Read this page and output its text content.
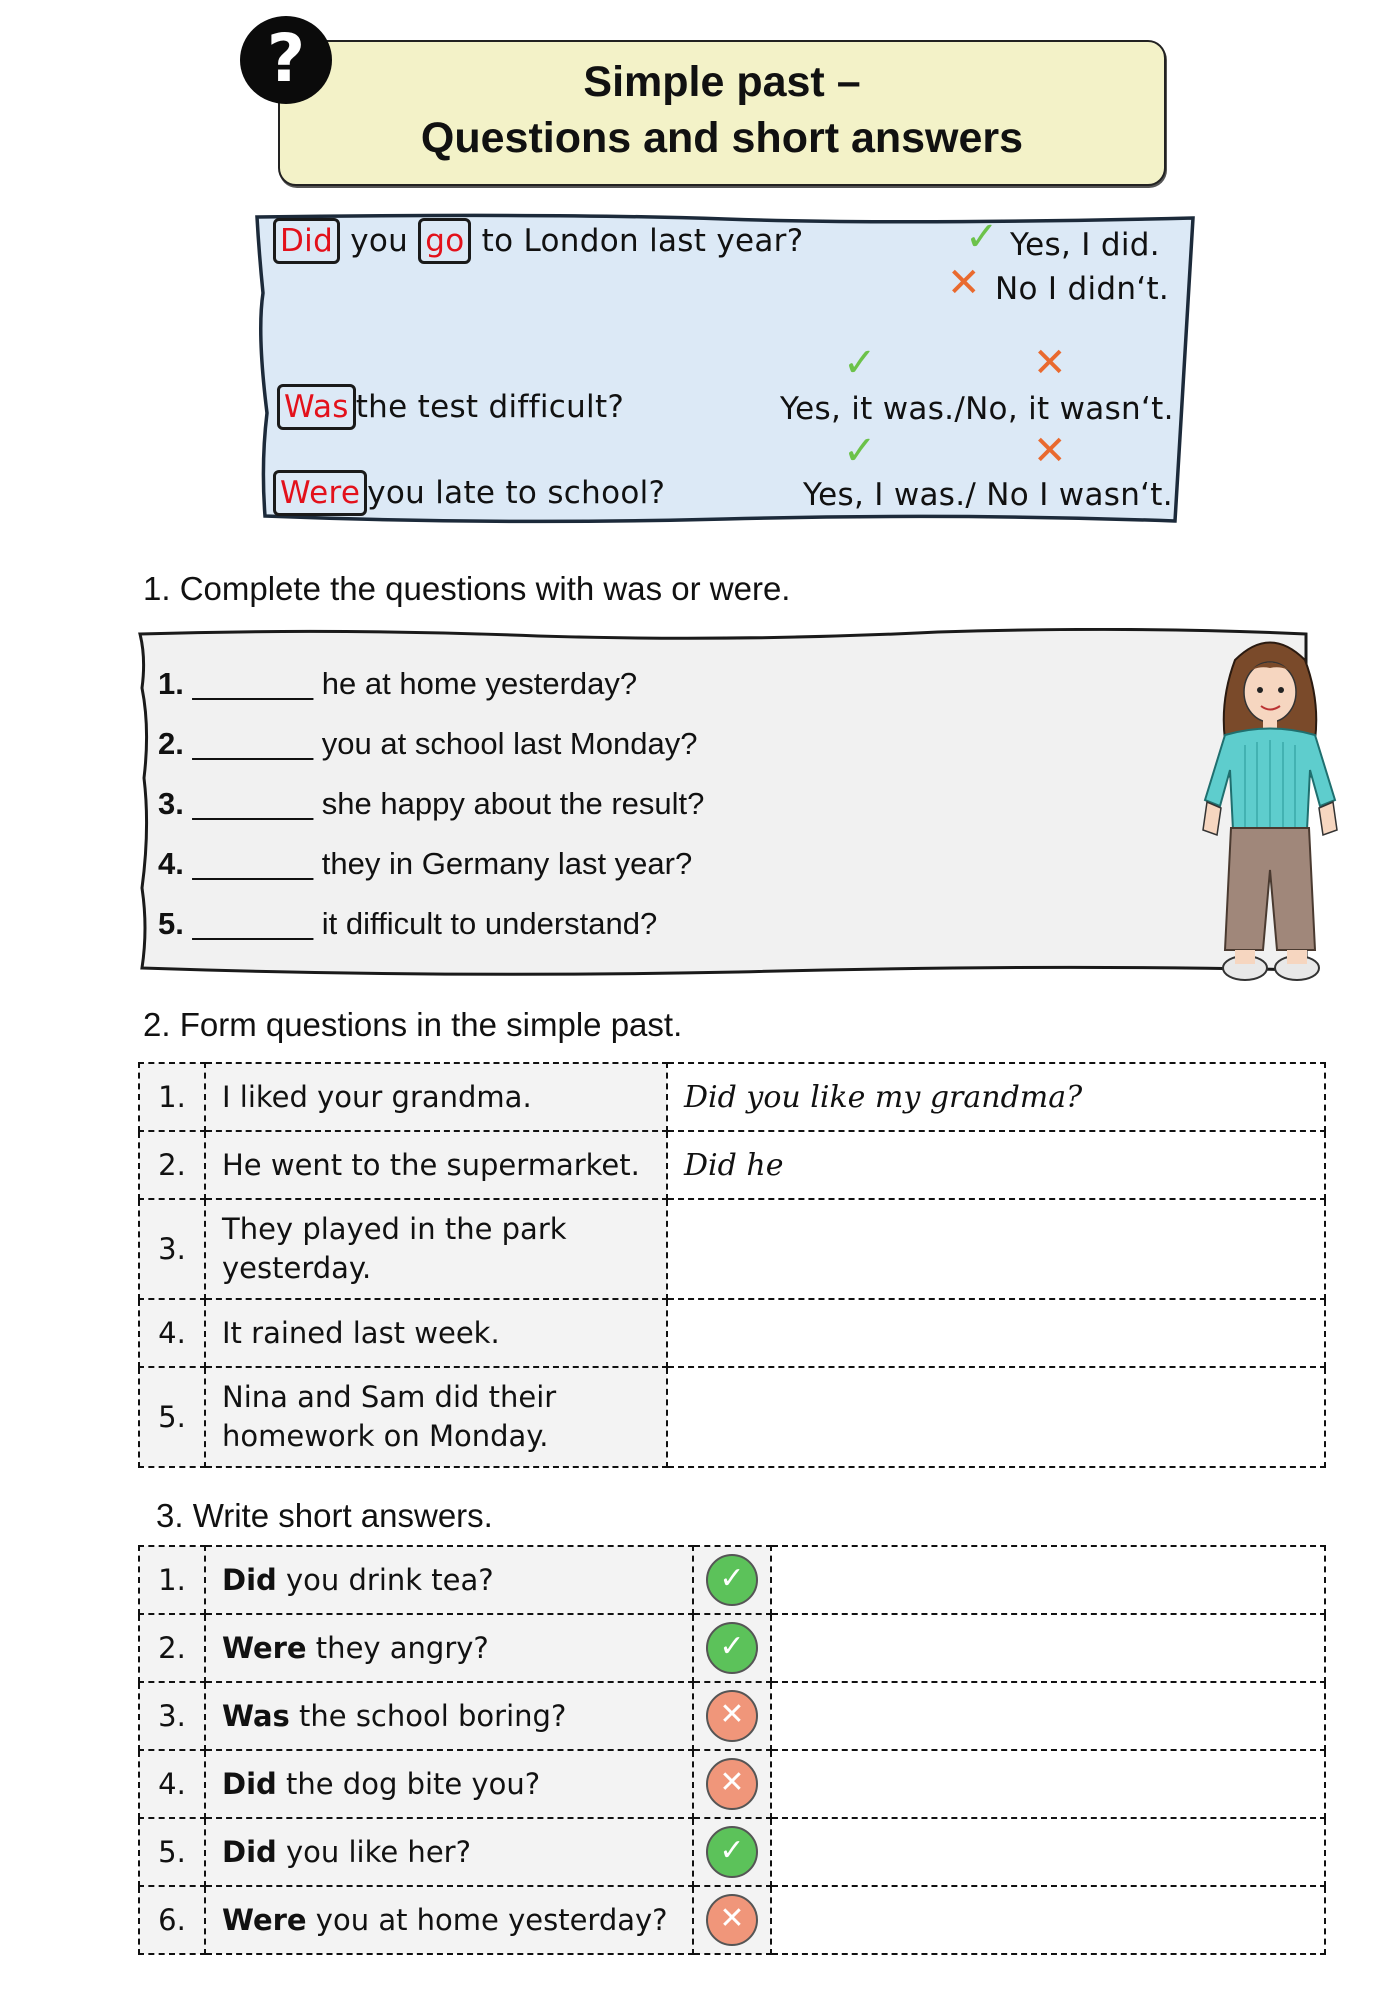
?	Simple past –
Questions and short answers
Did you go to London last year?	✓ Yes, I did.
✕ No I didn‘t.
✓	✕
Was the test difficult?	Yes, it was./No, it wasn‘t.
✓	✕
Were you late to school?	Yes, I was./ No I wasn‘t.
1. Complete the questions with was or were.
1. _______ he at home yesterday?
2. _______ you at school last Monday?
3. _______ she happy about the result?
4. _______ they in Germany last year?
5. _______ it difficult to understand?
2. Form questions in the simple past.
1.	I liked your grandma.	Did you like my grandma?
2.	He went to the supermarket.	Did he
3.	They played in the park yesterday.	
4.	It rained last week.	
5.	Nina and Sam did their homework on Monday.	
3. Write short answers.
1.	Did you drink tea?	✓	
2.	Were they angry?	✓	
3.	Was the school boring?	✕	
4.	Did the dog bite you?	✕	
5.	Did you like her?	✓	
6.	Were you at home yesterday?	✕	
